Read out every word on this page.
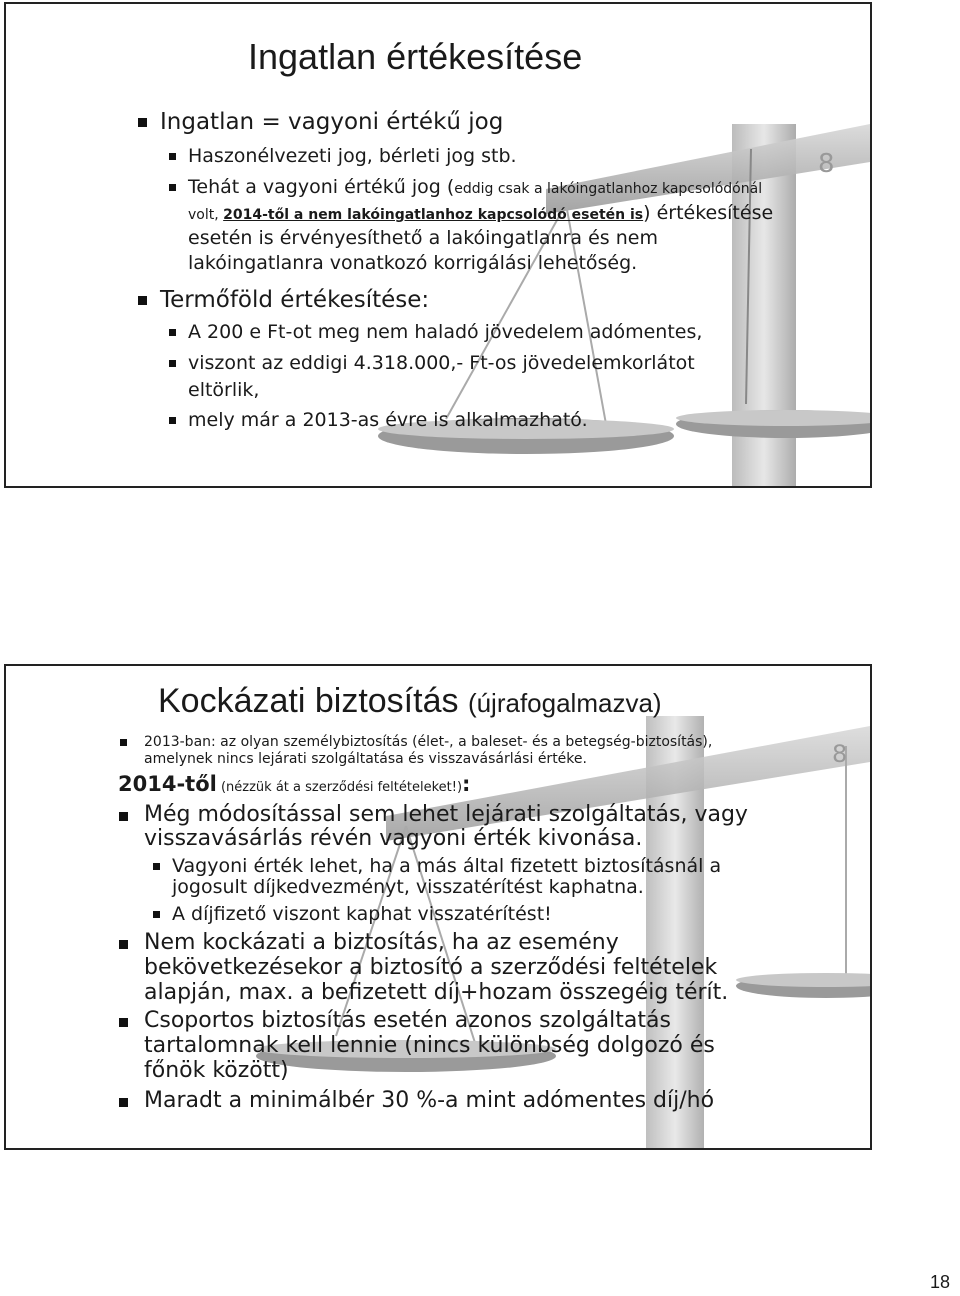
8
8
Ingatlan értékesítése
Ingatlan = vagyoni értékű jog
Haszonélvezeti jog, bérleti jog stb.
Tehát a vagyoni értékű jog (eddig csak a lakóingatlanhoz kapcsolódónál
volt, 2014-től a nem lakóingatlanhoz kapcsolódó esetén is) értékesítése
esetén is érvényesíthető a lakóingatlanra és nem
lakóingatlanra vonatkozó korrigálási lehetőség.
Termőföld értékesítése:
A 200 e Ft-ot meg nem haladó jövedelem adómentes,
viszont az eddigi 4.318.000,- Ft-os jövedelemkorlátot
eltörlik,
mely már a 2013-as évre is alkalmazható.
Kockázati biztosítás (újrafogalmazva)
2013-ban: az olyan személybiztosítás (élet-, a baleset- és a betegség-biztosítás),
amelynek nincs lejárati szolgáltatása és visszavásárlási értéke.
2014-től (nézzük át a szerződési feltételeket!):
Még módosítással sem lehet lejárati szolgáltatás, vagy
visszavásárlás révén vagyoni érték kivonása.
Vagyoni érték lehet, ha a más által fizetett biztosításnál a
jogosult díjkedvezményt, visszatérítést kaphatna.
A díjfizető viszont kaphat visszatérítést!
Nem kockázati a biztosítás, ha az esemény
bekövetkezésekor a biztosító a szerződési feltételek
alapján, max. a befizetett díj+hozam összegéig térít.
Csoportos biztosítás esetén azonos szolgáltatás
tartalomnak kell lennie (nincs különbség dolgozó és
főnök között)
Maradt a minimálbér 30 %-a mint adómentes díj/hó
18
